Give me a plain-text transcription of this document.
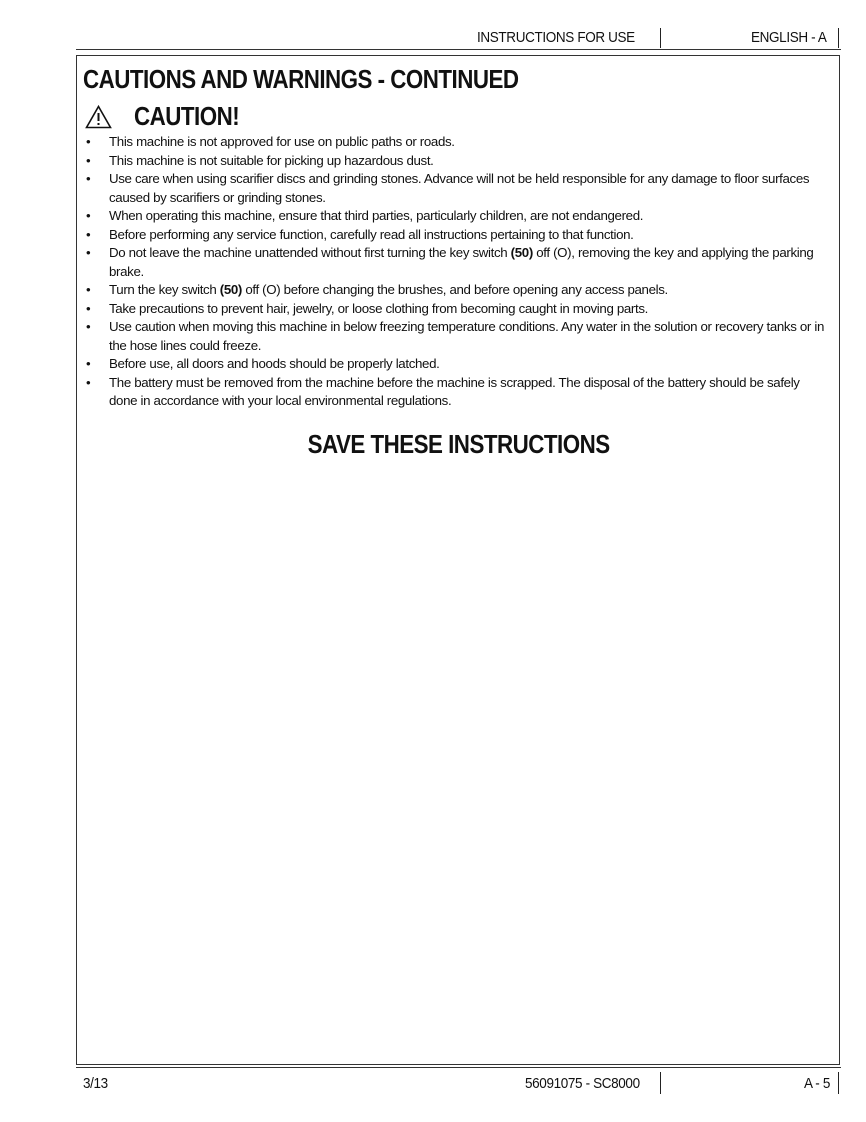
INSTRUCTIONS FOR USE	ENGLISH - A
CAUTIONS AND WARNINGS - CONTINUED
CAUTION!
• This machine is not approved for use on public paths or roads.
• This machine is not suitable for picking up hazardous dust.
• Use care when using scarifier discs and grinding stones. Advance will not be held responsible for any damage to floor surfaces caused by scarifiers or grinding stones.
• When operating this machine, ensure that third parties, particularly children, are not endangered.
• Before performing any service function, carefully read all instructions pertaining to that function.
• Do not leave the machine unattended without first turning the key switch (50) off (O), removing the key and applying the parking brake.
• Turn the key switch (50) off (O) before changing the brushes, and before opening any access panels.
• Take precautions to prevent hair, jewelry, or loose clothing from becoming caught in moving parts.
• Use caution when moving this machine in below freezing temperature conditions. Any water in the solution or recovery tanks or in the hose lines could freeze.
• Before use, all doors and hoods should be properly latched.
• The battery must be removed from the machine before the machine is scrapped. The disposal of the battery should be safely done in accordance with your local environmental regulations.
SAVE THESE INSTRUCTIONS
3/13	56091075 - SC8000	A - 5
